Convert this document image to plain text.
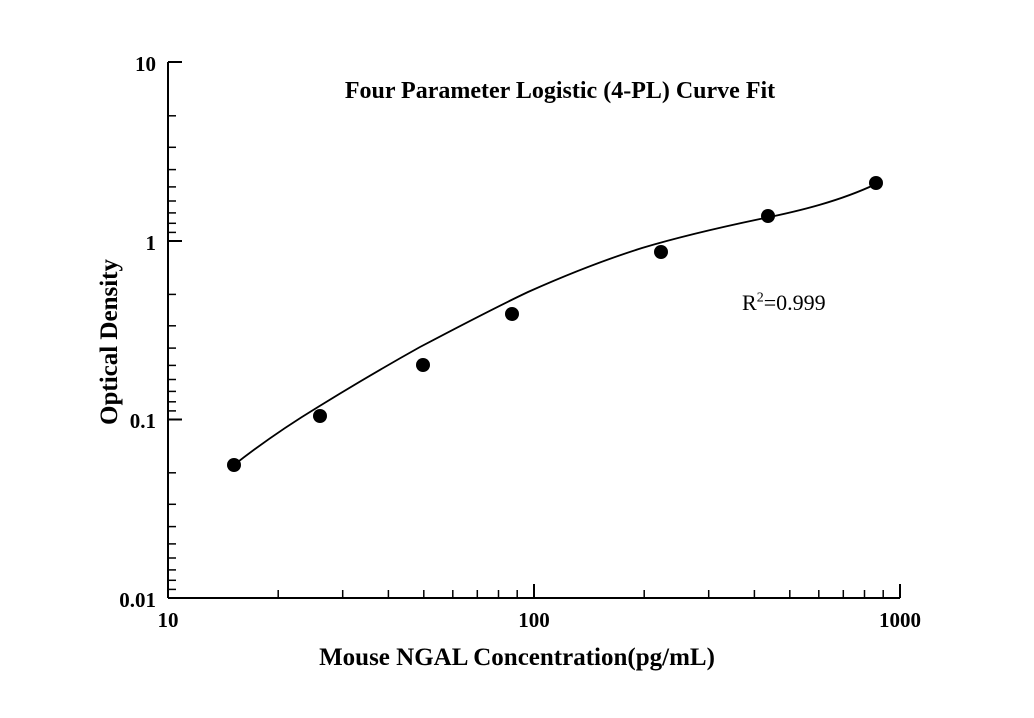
10
1
0.1
0.01
10	100	1000
Four Parameter Logistic (4-PL) Curve Fit
Mouse NGAL Concentration(pg/mL)
Optical Density	$R^2=0.999$
